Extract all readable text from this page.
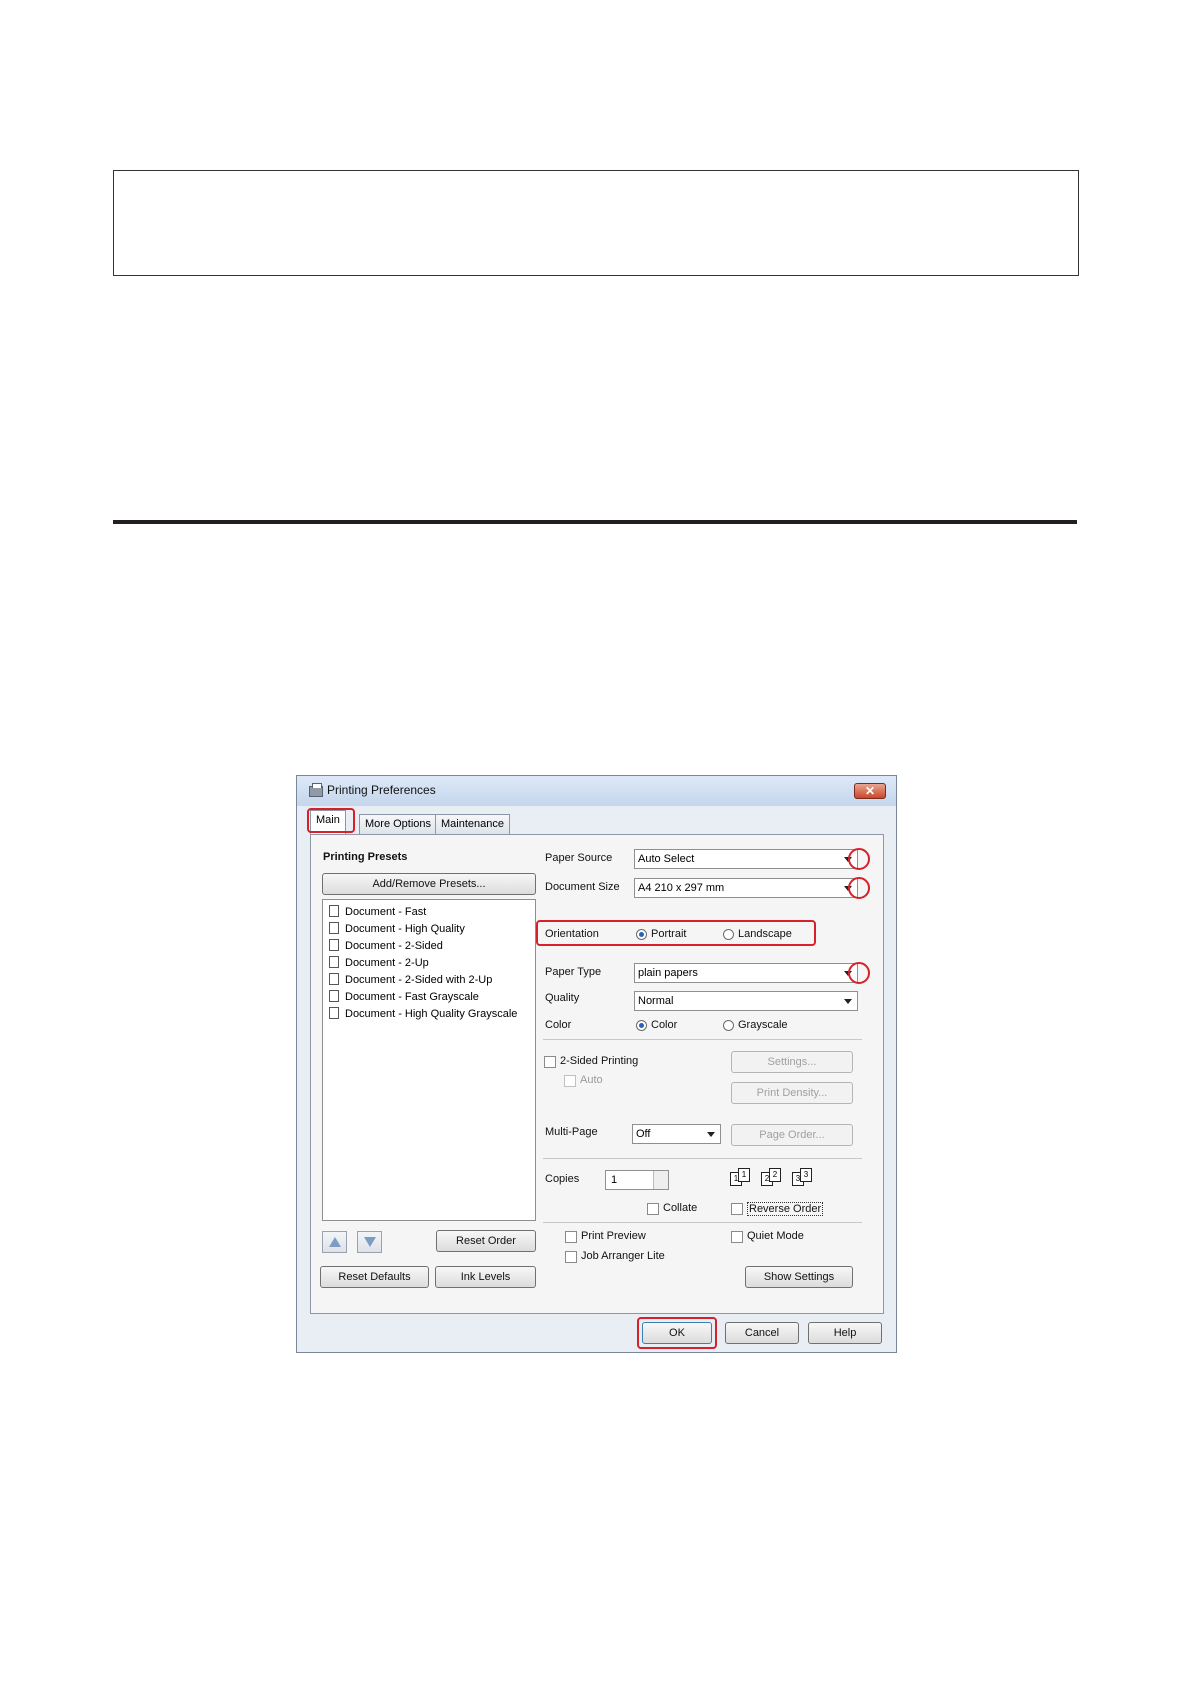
Printing Preferences	✕
Main	More Options Maintenance
Printing Presets
Add/Remove Presets...
Document - Fast
Document - High Quality
Document - 2-Sided
Document - 2-Up
Document - 2-Sided with 2-Up
Document - Fast Grayscale
Document - High Quality Grayscale
Reset Order
Reset Defaults	Ink Levels
Paper Source	Auto Select
Document Size	A4 210 x 297 mm
Orientation	Portrait	Landscape
Paper Type	plain papers
Quality	Normal
Color	Color	Grayscale
2-Sided Printing
Auto
Settings...
Print Density...
Multi-Page	Off	Page Order...
Copies	1	1 1	2 2	3 3
Collate	Reverse Order
Print Preview
Job Arranger Lite
Quiet Mode
Show Settings
OK	Cancel	Help
